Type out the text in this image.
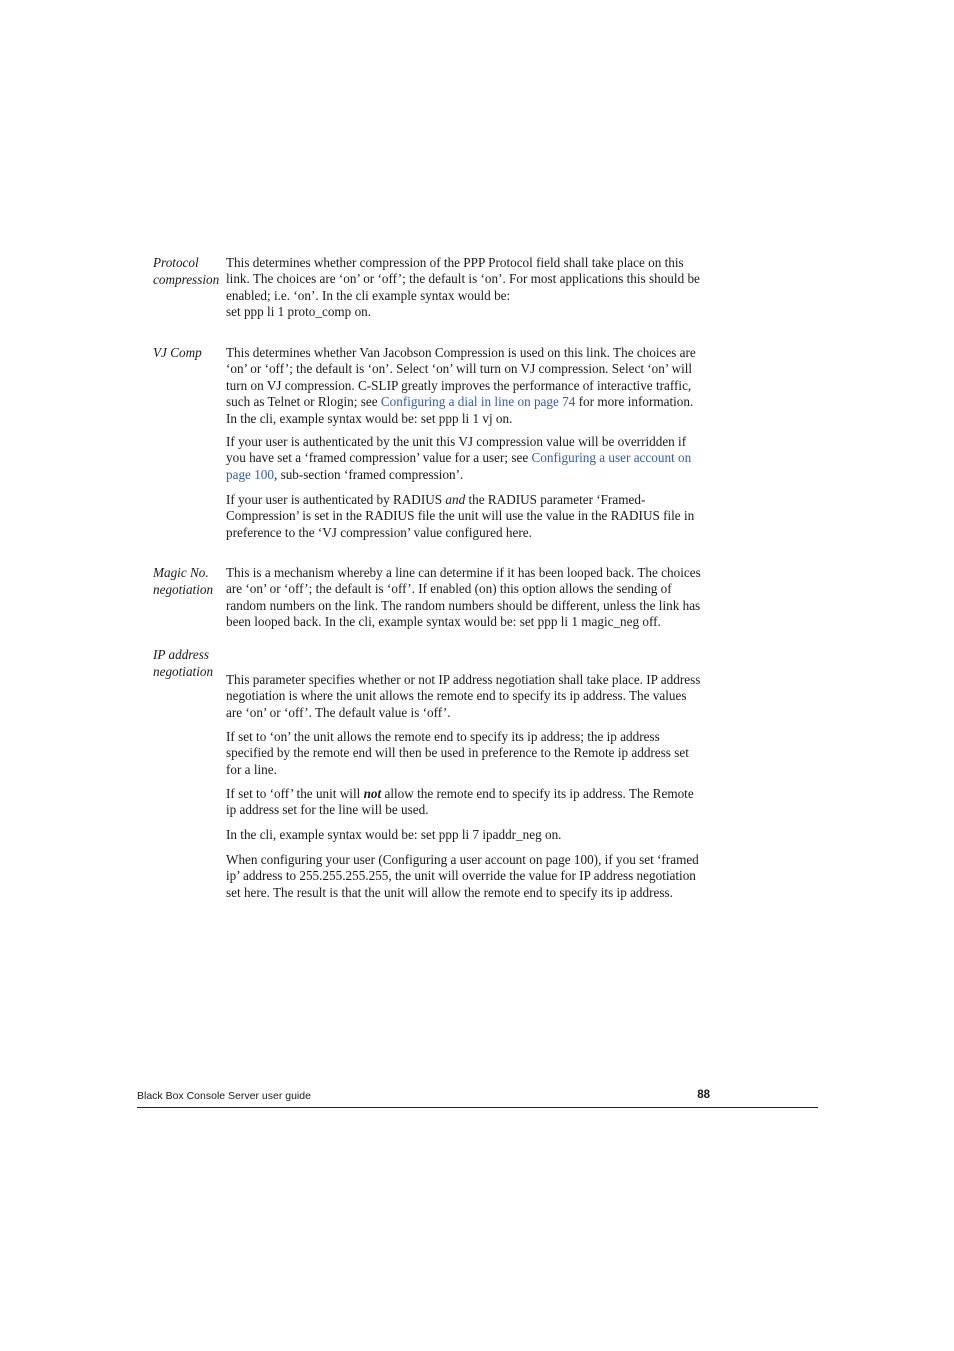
Protocol
compression

This determines whether compression of the PPP Protocol field shall take place on this link. The choices are ‘on’ or ‘off’; the default is ‘on’. For most applications this should be enabled; i.e. ‘on’. In the cli example syntax would be:

set ppp li 1 proto_comp on.

VJ Comp	This determines whether Van Jacobson Compression is used on this link. The choices are ‘on’ or ‘off’; the default is ‘on’. Select ‘on’ will turn on VJ compression. Select ‘on’ will turn on VJ compression. C-SLIP greatly improves the performance of interactive traffic, such as Telnet or Rlogin; see Configuring a dial in line on page 74 for more information. In the cli, example syntax would be: set ppp li 1 vj on.

If your user is authenticated by the unit this VJ compression value will be overridden if you have set a ‘framed compression’ value for a user; see Configuring a user account on page 100, sub-section ‘framed compression’.

If your user is authenticated by RADIUS and the RADIUS parameter ‘Framed-Compression’ is set in the RADIUS file the unit will use the value in the RADIUS file in preference to the ‘VJ compression’ value configured here.

Magic No.
negotiation

This is a mechanism whereby a line can determine if it has been looped back. The choices are ‘on’ or ‘off’; the default is ‘off’. If enabled (on) this option allows the sending of random numbers on the link. The random numbers should be different, unless the link has been looped back. In the cli, example syntax would be: set ppp li 1 magic_neg off.

IP address
negotiation

This parameter specifies whether or not IP address negotiation shall take place. IP address negotiation is where the unit allows the remote end to specify its ip address. The values are ‘on’ or ‘off’. The default value is ‘off’.

If set to ‘on’ the unit allows the remote end to specify its ip address; the ip address specified by the remote end will then be used in preference to the Remote ip address set for a line.

If set to ‘off’ the unit will not allow the remote end to specify its ip address. The Remote ip address set for the line will be used.

In the cli, example syntax would be: set ppp li 7 ipaddr_neg on.

When configuring your user (Configuring a user account on page 100), if you set ‘framed ip’ address to 255.255.255.255, the unit will override the value for IP address negotiation set here. The result is that the unit will allow the remote end to specify its ip address.

Black Box Console Server user guide	88
